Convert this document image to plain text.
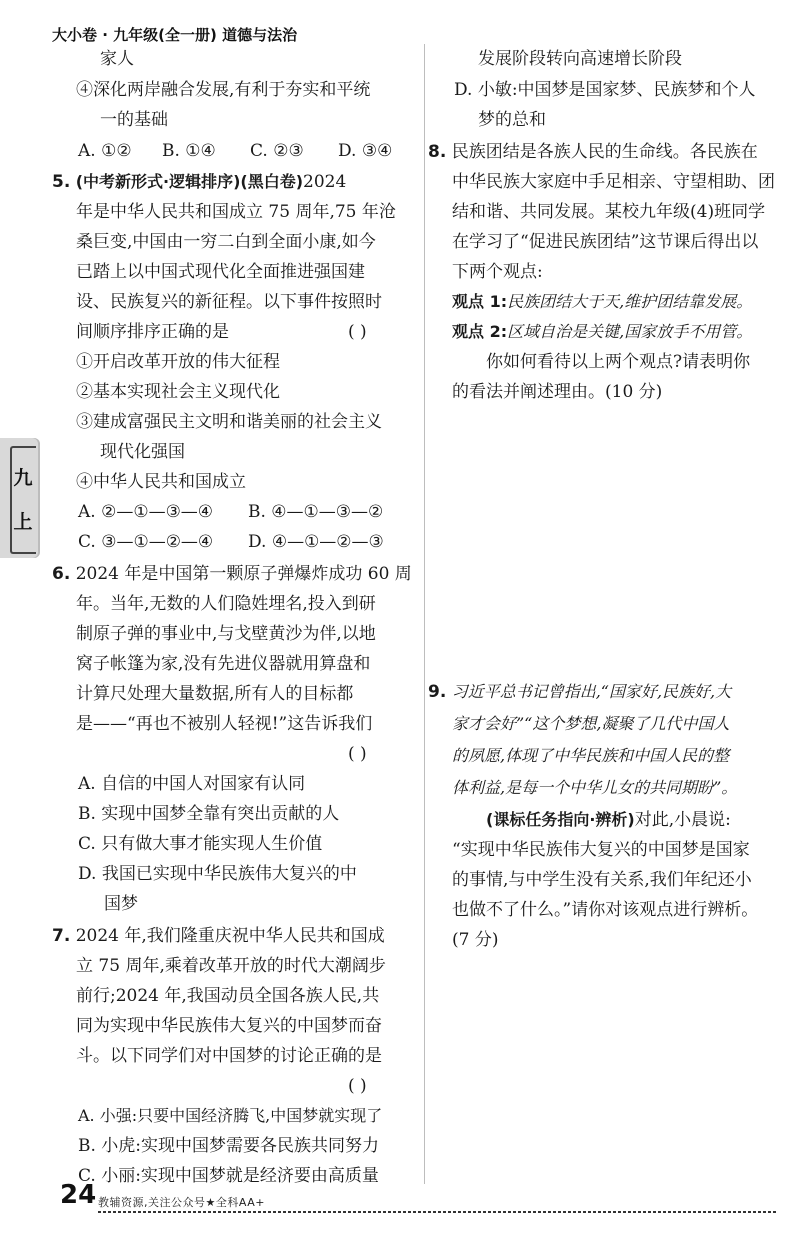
大小卷 · 九年级(全一册) 道德与法治
九
上
家人
④深化两岸融合发展,有利于夯实和平统
一的基础
A. ①② B. ①④ C. ②③ D. ③④
5. (中考新形式·逻辑排序)(黑白卷)2024
年是中华人民共和国成立 75 周年,75 年沧
桑巨变,中国由一穷二白到全面小康,如今
已踏上以中国式现代化全面推进强国建
设、民族复兴的新征程。以下事件按照时
间顺序排序正确的是	( )
①开启改革开放的伟大征程
②基本实现社会主义现代化
③建成富强民主文明和谐美丽的社会主义
现代化强国
④中华人民共和国成立
A. ②—①—③—④ B. ④—①—③—②
C. ③—①—②—④ D. ④—①—②—③
6. 2024 年是中国第一颗原子弹爆炸成功 60 周
年。当年,无数的人们隐姓埋名,投入到研
制原子弹的事业中,与戈壁黄沙为伴,以地
窝子帐篷为家,没有先进仪器就用算盘和
计算尺处理大量数据,所有人的目标都
是——“再也不被别人轻视!”这告诉我们
( )
A. 自信的中国人对国家有认同
B. 实现中国梦全靠有突出贡献的人
C. 只有做大事才能实现人生价值
D. 我国已实现中华民族伟大复兴的中
国梦
7. 2024 年,我们隆重庆祝中华人民共和国成
立 75 周年,乘着改革开放的时代大潮阔步
前行;2024 年,我国动员全国各族人民,共
同为实现中华民族伟大复兴的中国梦而奋
斗。以下同学们对中国梦的讨论正确的是
( )
A. 小强:只要中国经济腾飞,中国梦就实现了
B. 小虎:实现中国梦需要各民族共同努力
C. 小丽:实现中国梦就是经济要由高质量
发展阶段转向高速增长阶段
D. 小敏:中国梦是国家梦、民族梦和个人
梦的总和
8. 民族团结是各族人民的生命线。各民族在
中华民族大家庭中手足相亲、守望相助、团
结和谐、共同发展。某校九年级(4)班同学
在学习了“促进民族团结”这节课后得出以
下两个观点:
观点 1:民族团结大于天,维护团结靠发展。
观点 2:区域自治是关键,国家放手不用管。
你如何看待以上两个观点?请表明你
的看法并阐述理由。(10 分)
9. 习近平总书记曾指出,“国家好,民族好,大
家才会好”“这个梦想,凝聚了几代中国人
的夙愿,体现了中华民族和中国人民的整
体利益,是每一个中华儿女的共同期盼”。
(课标任务指向·辨析)对此,小晨说:
“实现中华民族伟大复兴的中国梦是国家
的事情,与中学生没有关系,我们年纪还小
也做不了什么。”请你对该观点进行辨析。
(7 分)
24 教辅资源,关注公众号★全科AA+
